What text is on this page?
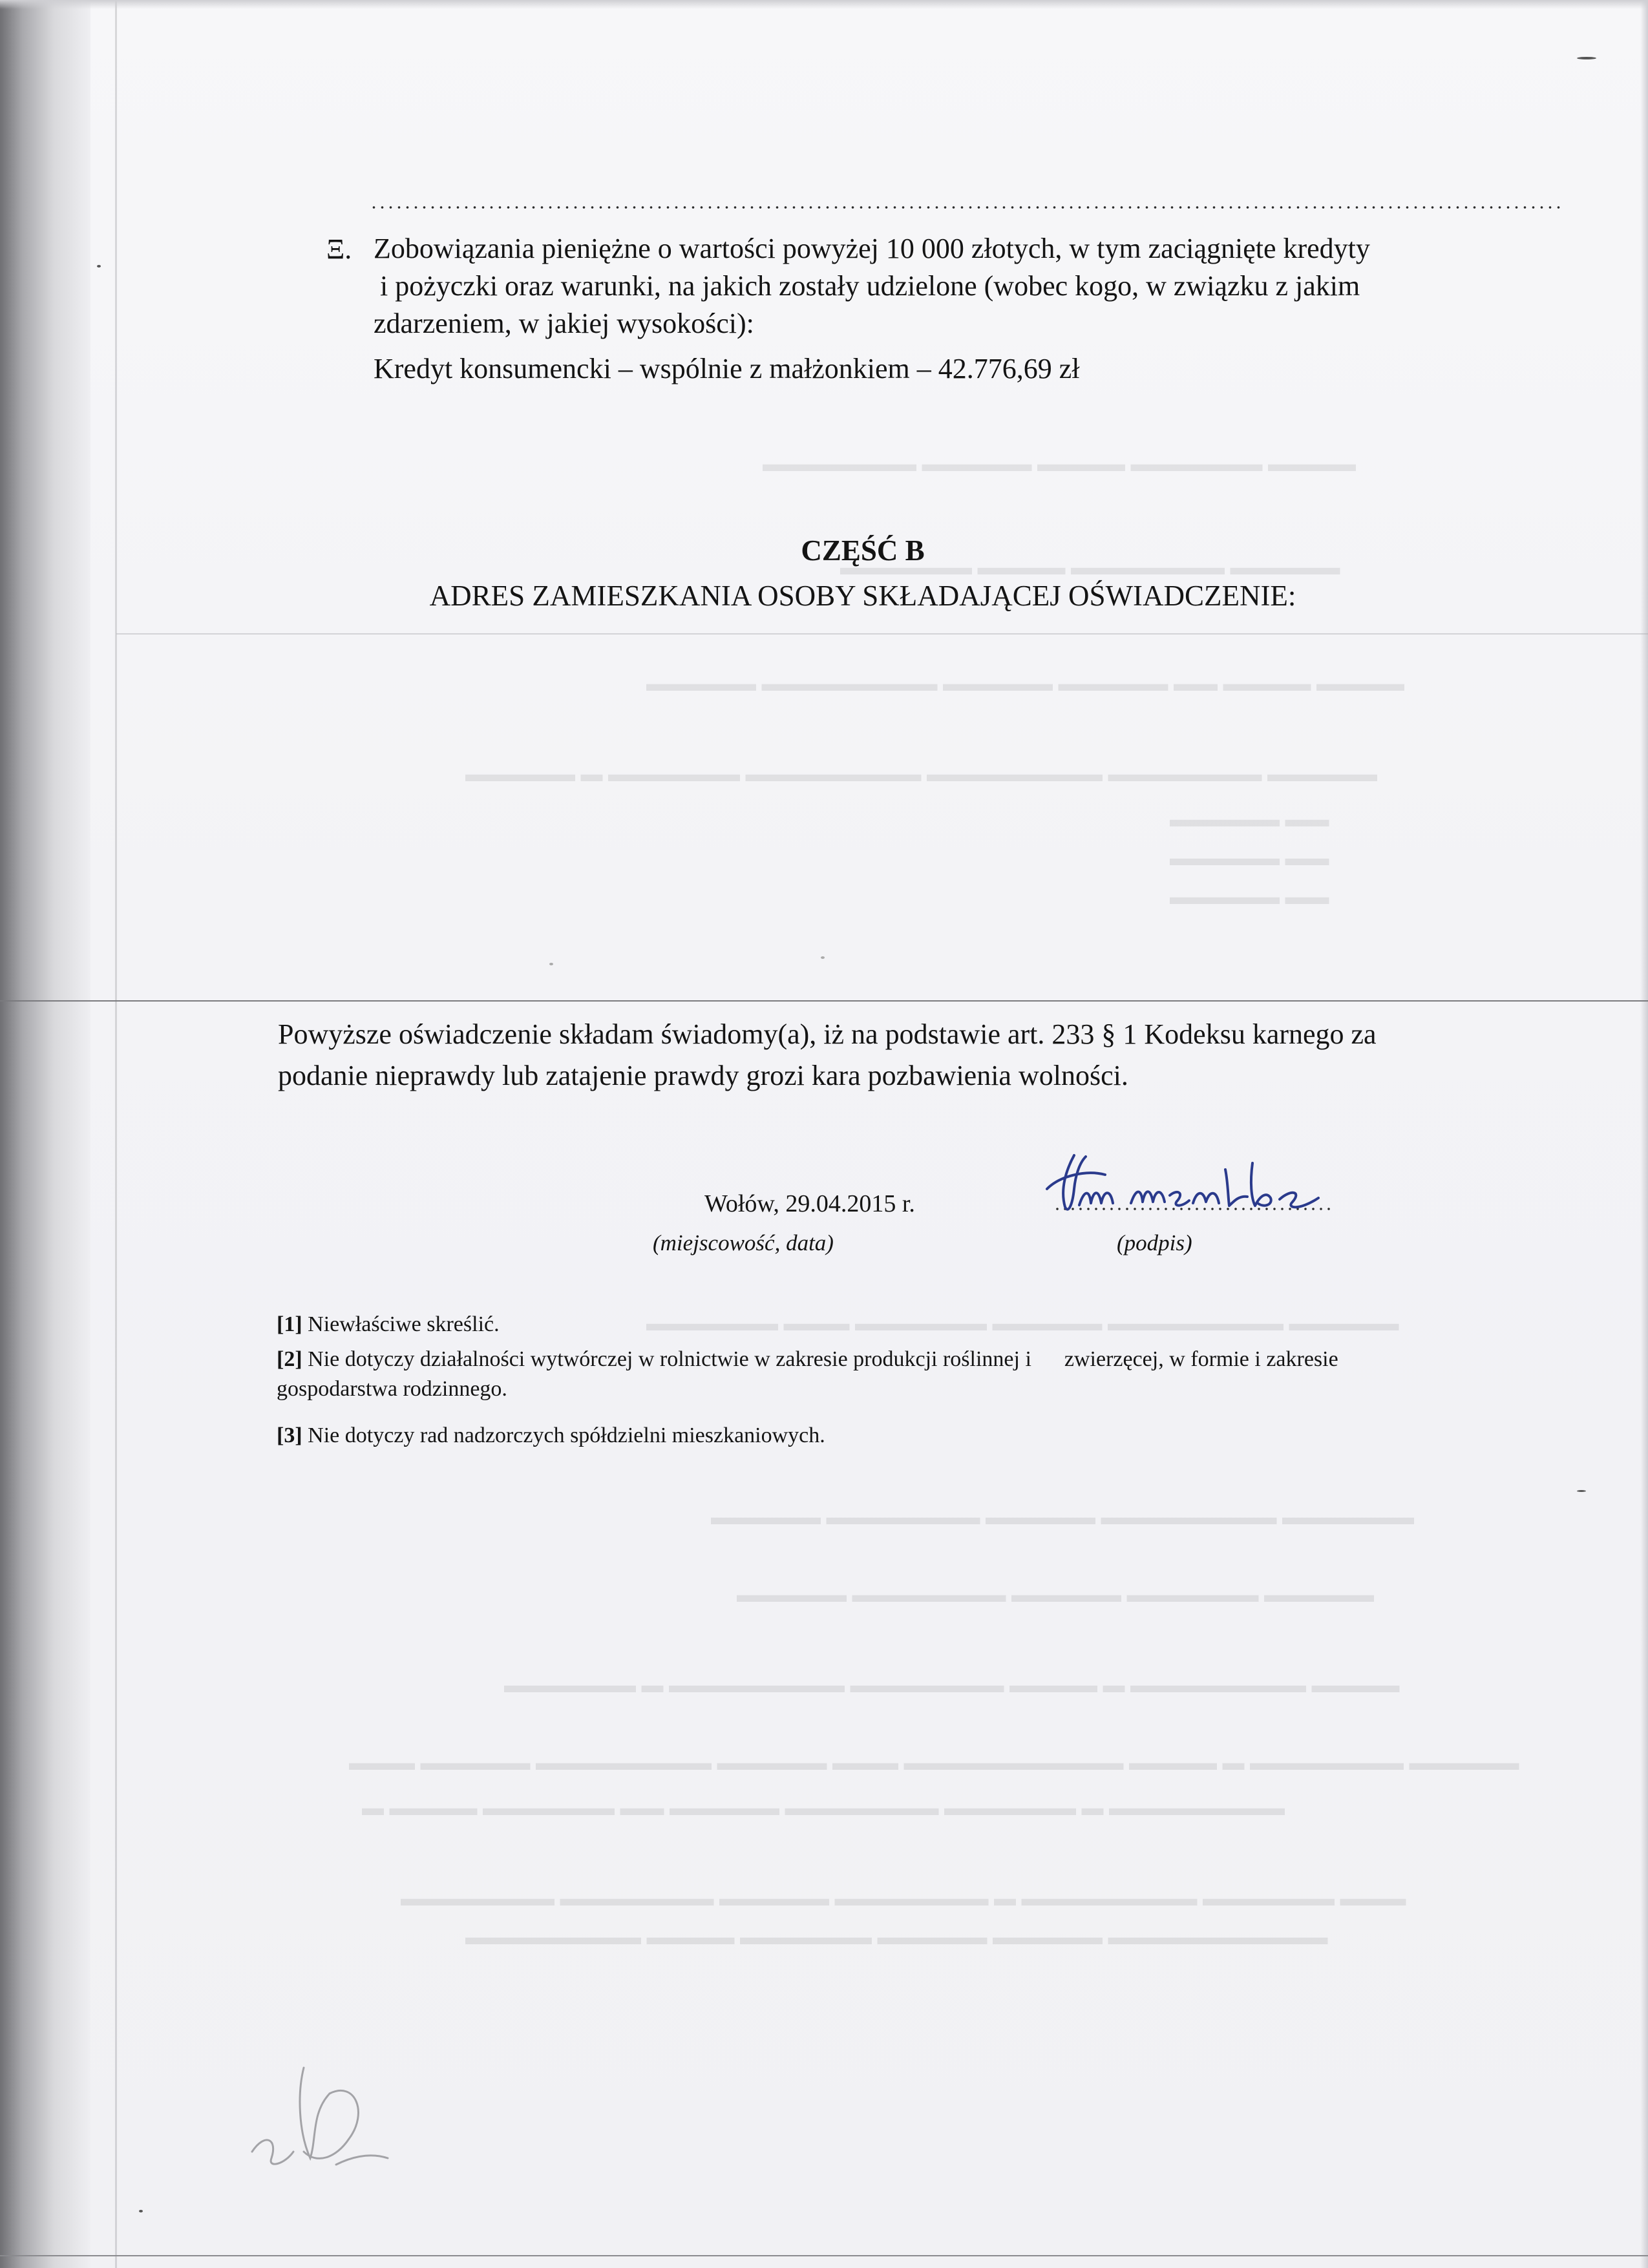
▬▬▬▬ ▬▬▬▬▬▬ ▬▬▬▬ ▬▬▬▬▬ ▬▬▬▬▬▬▬
▬▬▬▬▬ ▬▬▬▬▬▬▬ ▬▬▬▬ ▬▬▬▬▬▬
▬▬▬▬ ▬▬▬▬ ▬▬ ▬▬▬▬▬ ▬▬▬▬▬ ▬▬▬▬▬▬▬▬ ▬▬▬▬▬
▬▬▬▬▬ ▬▬▬▬▬▬▬ ▬▬▬▬▬▬▬▬ ▬▬▬▬▬▬▬▬ ▬▬▬▬▬▬ ▬ ▬▬▬▬▬
▬▬ ▬▬▬▬▬
▬▬ ▬▬▬▬▬
▬▬ ▬▬▬▬▬
▬▬▬▬▬ ▬▬▬▬▬▬▬▬ ▬▬▬▬▬ ▬▬▬▬▬▬ ▬▬▬ ▬▬▬▬▬▬
▬▬▬▬▬▬ ▬▬▬▬▬▬▬▬ ▬▬▬▬▬ ▬▬▬▬▬▬▬ ▬▬▬▬▬
▬▬▬▬▬ ▬▬▬▬▬▬ ▬▬▬▬▬ ▬▬▬▬▬▬▬ ▬▬▬▬▬
▬▬▬▬ ▬▬▬▬▬▬▬▬ ▬ ▬▬▬▬ ▬▬▬▬▬▬▬ ▬▬▬▬▬▬▬▬ ▬ ▬▬▬▬▬▬
▬▬▬▬▬ ▬▬▬▬▬▬▬ ▬ ▬▬▬▬ ▬▬▬▬▬▬▬▬▬▬ ▬▬▬ ▬▬▬▬▬ ▬▬▬▬▬▬▬▬ ▬▬▬▬▬ ▬▬▬
▬▬▬▬▬▬▬▬ ▬ ▬▬▬▬▬▬ ▬▬▬▬▬▬▬ ▬▬▬▬▬ ▬▬ ▬▬▬▬▬▬ ▬▬▬▬ ▬
▬▬▬ ▬▬▬▬▬▬ ▬▬▬▬▬▬▬▬ ▬ ▬▬▬▬▬▬▬ ▬▬▬▬▬ ▬▬▬▬▬▬▬ ▬▬▬▬▬▬▬
▬▬▬▬▬▬▬▬▬▬ ▬▬▬▬▬ ▬▬▬▬▬ ▬▬▬▬▬▬ ▬▬▬▬ ▬▬▬▬▬▬▬▬
Ξ. Zobowiązania pieniężne o wartości powyżej 10 000 złotych, w tym zaciągnięte kredyty
i pożyczki oraz warunki, na jakich zostały udzielone (wobec kogo, w związku z jakim
zdarzeniem, w jakiej wysokości):
Kredyt konsumencki – wspólnie z małżonkiem – 42.776,69 zł
CZĘŚĆ B
ADRES ZAMIESZKANIA OSOBY SKŁADAJĄCEJ OŚWIADCZENIE:
Powyższe oświadczenie składam świadomy(a), iż na podstawie art. 233 § 1 Kodeksu karnego za
podanie nieprawdy lub zatajenie prawdy grozi kara pozbawienia wolności.
Wołów, 29.04.2015 r.
(miejscowość, data)	(podpis)
[1] Niewłaściwe skreślić.
[2] Nie dotyczy działalności wytwórczej w rolnictwie w zakresie produkcji roślinnej i      zwierzęcej, w formie i zakresie
gospodarstwa rodzinnego.
[3] Nie dotyczy rad nadzorczych spółdzielni mieszkaniowych.
